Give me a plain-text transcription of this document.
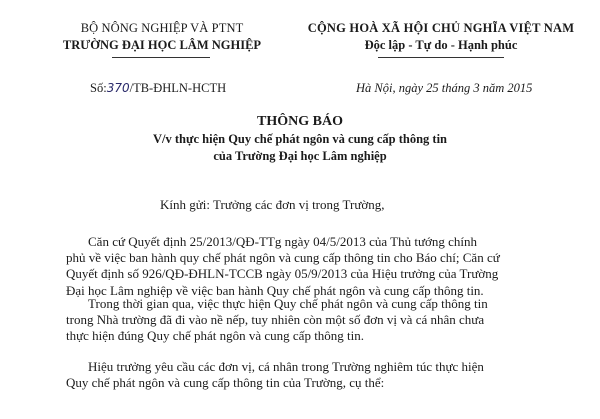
BỘ NÔNG NGHIỆP VÀ PTNT
TRƯỜNG ĐẠI HỌC LÂM NGHIỆP
CỘNG HOÀ XÃ HỘI CHỦ NGHĨA VIỆT NAM
Độc lập - Tự do - Hạnh phúc
Số:370/TB-ĐHLN-HCTH	Hà Nội, ngày 25 tháng 3 năm 2015
THÔNG BÁO
V/v thực hiện Quy chế phát ngôn và cung cấp thông tin
của Trường Đại học Lâm nghiệp
Kính gửi: Trưởng các đơn vị trong Trường,
Căn cứ Quyết định 25/2013/QĐ-TTg ngày 04/5/2013 của Thủ tướng chính
phủ về việc ban hành quy chế phát ngôn và cung cấp thông tin cho Báo chí; Căn cứ
Quyết định số 926/QĐ-ĐHLN-TCCB ngày 05/9/2013 của Hiệu trưởng của Trường
Đại học Lâm nghiệp về việc ban hành Quy chế phát ngôn và cung cấp thông tin.
Trong thời gian qua, việc thực hiện Quy chế phát ngôn và cung cấp thông tin
trong Nhà trường đã đi vào nề nếp, tuy nhiên còn một số đơn vị và cá nhân chưa
thực hiện đúng Quy chế phát ngôn và cung cấp thông tin.
Hiệu trưởng yêu cầu các đơn vị, cá nhân trong Trường nghiêm túc thực hiện
Quy chế phát ngôn và cung cấp thông tin của Trường, cụ thể:
